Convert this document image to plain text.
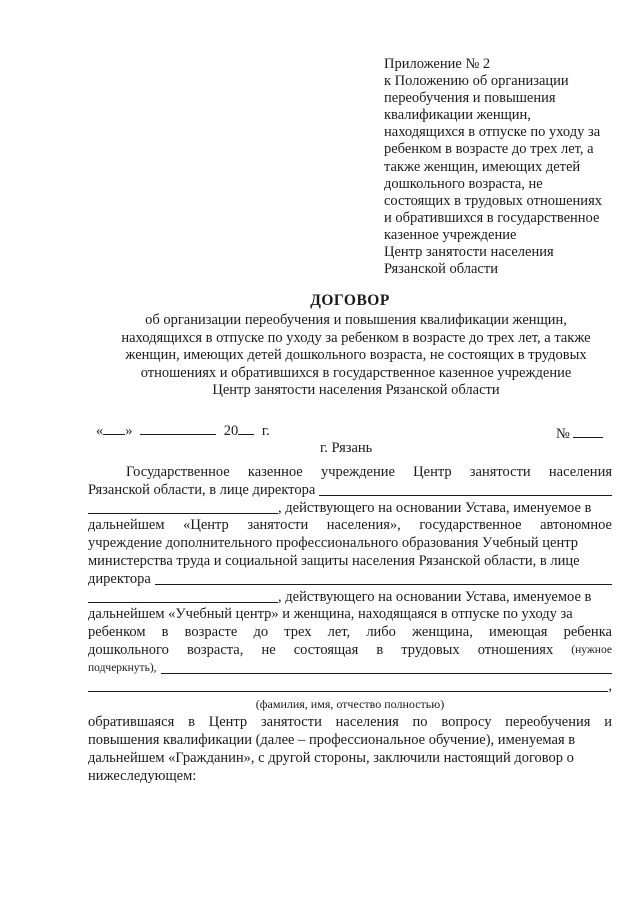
Приложение № 2
к Положению об организации
переобучения и повышения
квалификации женщин,
находящихся в отпуске по уходу за
ребенком в возрасте до трех лет, а
также женщин, имеющих детей
дошкольного возраста, не
состоящих в трудовых отношениях
и обратившихся в государственное
казенное учреждение
Центр занятости населения
Рязанской области
ДОГОВОР
об организации переобучения и повышения квалификации женщин,
находящихся в отпуске по уходу за ребенком в возрасте до трех лет, а также
женщин, имеющих детей дошкольного возраста, не состоящих в трудовых
отношениях и обратившихся в государственное казенное учреждение
Центр занятости населения Рязанской области
« »	20 г.	№
г. Рязань
Государственное казенное учреждение Центр занятости населения
Рязанской области, в лице директора
, действующего на основании Устава, именуемое в
дальнейшем «Центр занятости населения», государственное автономное
учреждение дополнительного профессионального образования Учебный центр
министерства труда и социальной защиты населения Рязанской области, в лице
директора
, действующего на основании Устава, именуемое в
дальнейшем «Учебный центр» и женщина, находящаяся в отпуске по уходу за
ребенком в возрасте до трех лет, либо женщина, имеющая ребенка
дошкольного возраста, не состоящая в трудовых отношениях (нужное
подчеркнуть),
,
(фамилия, имя, отчество полностью)
обратившаяся в Центр занятости населения по вопросу переобучения и
повышения квалификации (далее – профессиональное обучение), именуемая в
дальнейшем «Гражданин», с другой стороны, заключили настоящий договор о
нижеследующем:
